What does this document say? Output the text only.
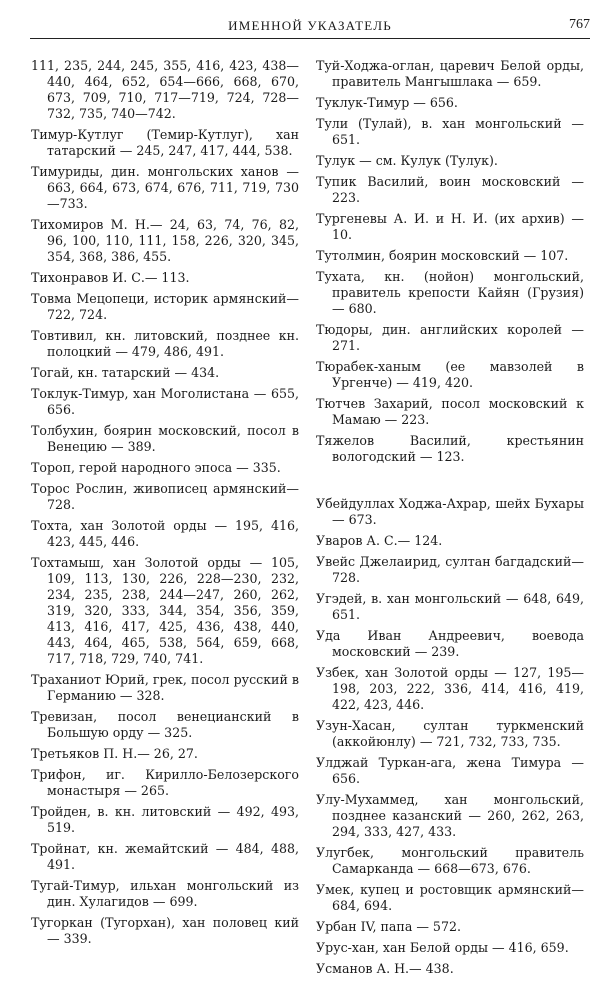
ИМЕННОЙ УКАЗАТЕЛЬ	767

111, 235, 244, 245, 355, 416, 423, 438—440, 464, 652, 654—666, 668, 670, 673, 709, 710, 717—719, 724, 728—732, 735, 740—742.

Тимур-Кутлуг (Темир-Кутлуг), хан татарский — 245, 247, 417, 444, 538.

Тимуриды, дин. монгольских ханов — 663, 664, 673, 674, 676, 711, 719, 730—733.

Тихомиров М. Н.— 24, 63, 74, 76, 82, 96, 100, 110, 111, 158, 226, 320, 345, 354, 368, 386, 455.

Тихонравов И. С.— 113.

Товма Мецопеци, историк армянский— 722, 724.

Товтивил, кн. литовский, позднее кн. полоцкий — 479, 486, 491.

Тогай, кн. татарский — 434.

Токлук-Тимур, хан Моголистана — 655, 656.

Толбухин, боярин московский, посол в Венецию — 389.

Тороп, герой народного эпоса — 335.

Торос Рослин, живописец армянский— 728.

Тохта, хан Золотой орды — 195, 416, 423, 445, 446.

Тохтамыш, хан Золотой орды — 105, 109, 113, 130, 226, 228—230, 232, 234, 235, 238, 244—247, 260, 262, 319, 320, 333, 344, 354, 356, 359, 413, 416, 417, 425, 436, 438, 440, 443, 464, 465, 538, 564, 659, 668, 717, 718, 729, 740, 741.

Траханиот Юрий, грек, посол русский в Германию — 328.

Тревизан, посол венецианский в Большую орду — 325.

Третьяков П. Н.— 26, 27.

Трифон, иг. Кирилло-Белозерского монастыря — 265.

Тройден, в. кн. литовский — 492, 493, 519.

Тройнат, кн. жемайтский — 484, 488, 491.

Тугай-Тимур, ильхан монгольский из дин. Хулагидов — 699.

Тугоркан (Тугорхан), хан половец кий — 339.

Туй-Ходжа-оглан, царевич Белой орды, правитель Мангышлака — 659.

Туклук-Тимур — 656.

Тули (Тулай), в. хан монгольский — 651.

Тулук — см. Кулук (Тулук).

Тупик Василий, воин московский — 223.

Тургеневы А. И. и Н. И. (их архив) — 10.

Тутолмин, боярин московский — 107.

Тухата, кн. (нойон) монгольский, правитель крепости Кайян (Грузия) — 680.

Тюдоры, дин. английских королей — 271.

Тюрабек-ханым (ее мавзолей в Ургенче) — 419, 420.

Тютчев Захарий, посол московский к Мамаю — 223.

Тяжелов Василий, крестьянин вологодский — 123.

Убейдуллах Ходжа-Ахрар, шейх Бухары — 673.

Уваров А. С.— 124.

Увейс Джелаирид, султан багдадский— 728.

Угэдей, в. хан монгольский — 648, 649, 651.

Уда Иван Андреевич, воевода московский — 239.

Узбек, хан Золотой орды — 127, 195—198, 203, 222, 336, 414, 416, 419, 422, 423, 446.

Узун-Хасан, султан туркменский (аккойюнлу) — 721, 732, 733, 735.

Улджай Туркан-ага, жена Тимура — 656.

Улу-Мухаммед, хан монгольский, позднее казанский — 260, 262, 263, 294, 333, 427, 433.

Улугбек, монгольский правитель Самарканда — 668—673, 676.

Умек, купец и ростовщик армянский— 684, 694.

Урбан IV, папа — 572.

Урус-хан, хан Белой орды — 416, 659.

Усманов А. Н.— 438.
